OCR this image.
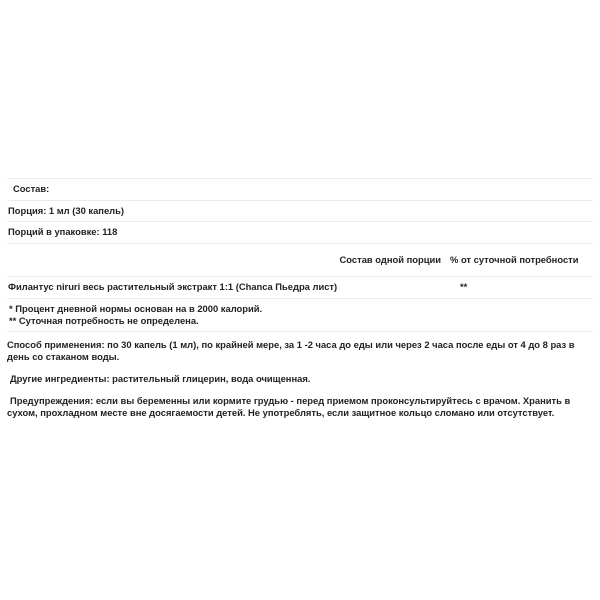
Состав:
Порция: 1 мл (30 капель)
Порций в упаковке: 118
Состав одной порции % от суточной потребности
Филантус niruri весь растительный экстракт 1:1 (Chanca Пьедра лист)	**
* Процент дневной нормы основан на в 2000 калорий.
** Суточная потребность не определена.
Способ применения: по 30 капель (1 мл), по крайней мере, за 1 -2 часа до еды или через 2 часа после еды от 4 до 8 раз в день со стаканом воды.
Другие ингредиенты: растительный глицерин, вода очищенная.
Предупреждения: если вы беременны или кормите грудью - перед приемом проконсультируйтесь с врачом. Хранить в сухом, прохладном месте вне досягаемости детей. Не употреблять, если защитное кольцо сломано или отсутствует.
